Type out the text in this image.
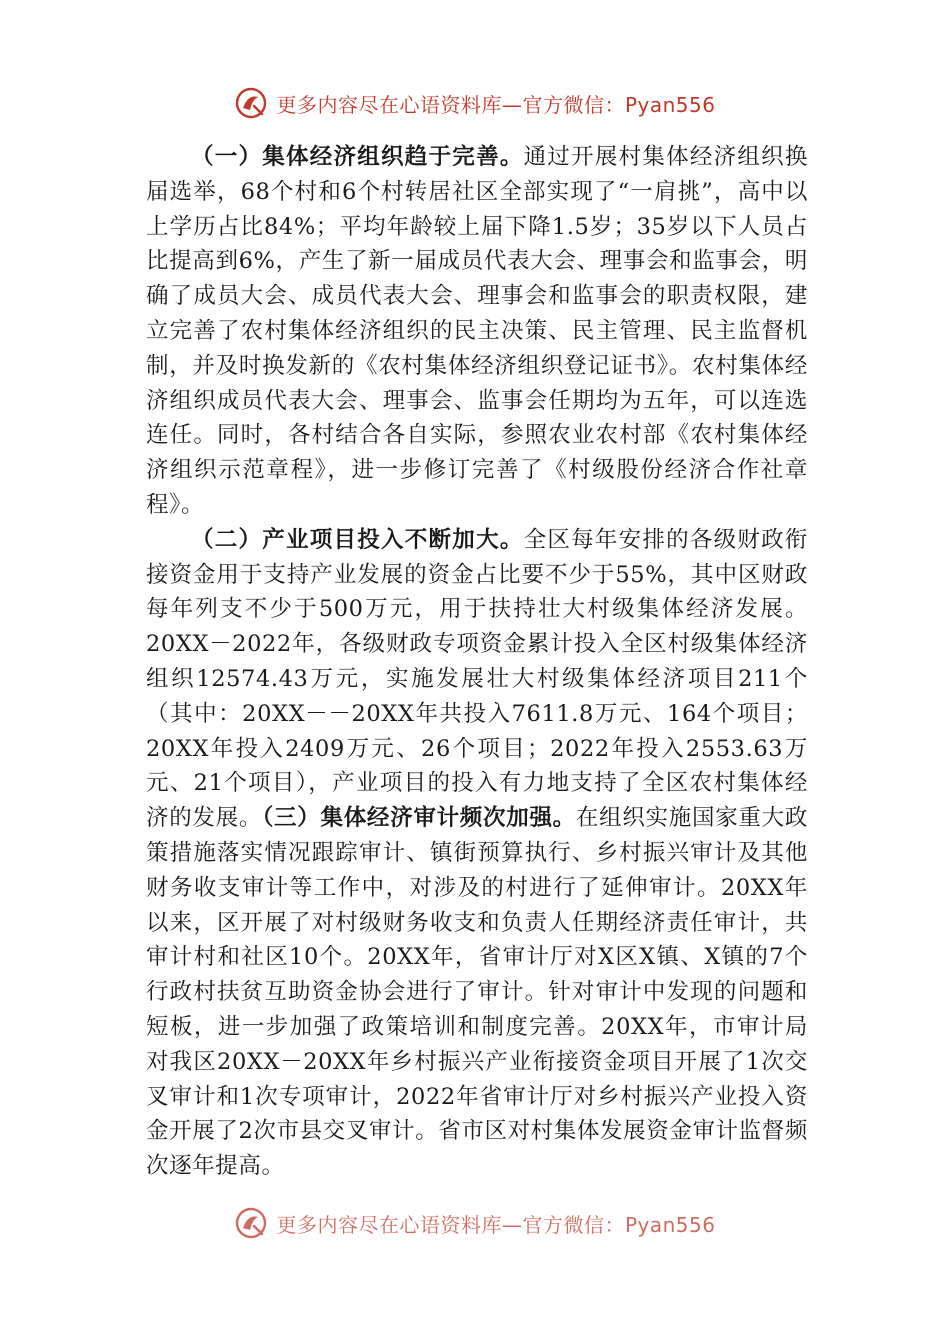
更多内容尽在心语资料库—官方微信：Pyan556

（一）集体经济组织趋于完善。通过开展村集体经济组织换届选举，68个村和6个村转居社区全部实现了“一肩挑”，高中以上学历占比84%；平均年龄较上届下降1.5岁；35岁以下人员占比提高到6%，产生了新一届成员代表大会、理事会和监事会，明确了成员大会、成员代表大会、理事会和监事会的职责权限，建立完善了农村集体经济组织的民主决策、民主管理、民主监督机制，并及时换发新的《农村集体经济组织登记证书》。农村集体经济组织成员代表大会、理事会、监事会任期均为五年，可以连选连任。同时，各村结合各自实际，参照农业农村部《农村集体经济组织示范章程》，进一步修订完善了《村级股份经济合作社章程》。

（二）产业项目投入不断加大。全区每年安排的各级财政衔接资金用于支持产业发展的资金占比要不少于55%，其中区财政每年列支不少于500万元，用于扶持壮大村级集体经济发展。20XX－2022年，各级财政专项资金累计投入全区村级集体经济组织12574.43万元，实施发展壮大村级集体经济项目211个（其中：20XX－－20XX年共投入7611.8万元、164个项目；20XX年投入2409万元、26个项目；2022年投入2553.63万元、21个项目），产业项目的投入有力地支持了全区农村集体经济的发展。（三）集体经济审计频次加强。在组织实施国家重大政策措施落实情况跟踪审计、镇街预算执行、乡村振兴审计及其他财务收支审计等工作中，对涉及的村进行了延伸审计。20XX年以来，区开展了对村级财务收支和负责人任期经济责任审计，共审计村和社区10个。20XX年，省审计厅对X区X镇、X镇的7个行政村扶贫互助资金协会进行了审计。针对审计中发现的问题和短板，进一步加强了政策培训和制度完善。20XX年，市审计局对我区20XX－20XX年乡村振兴产业衔接资金项目开展了1次交叉审计和1次专项审计，2022年省审计厅对乡村振兴产业投入资金开展了2次市县交叉审计。省市区对村集体发展资金审计监督频次逐年提高。

更多内容尽在心语资料库—官方微信：Pyan556
